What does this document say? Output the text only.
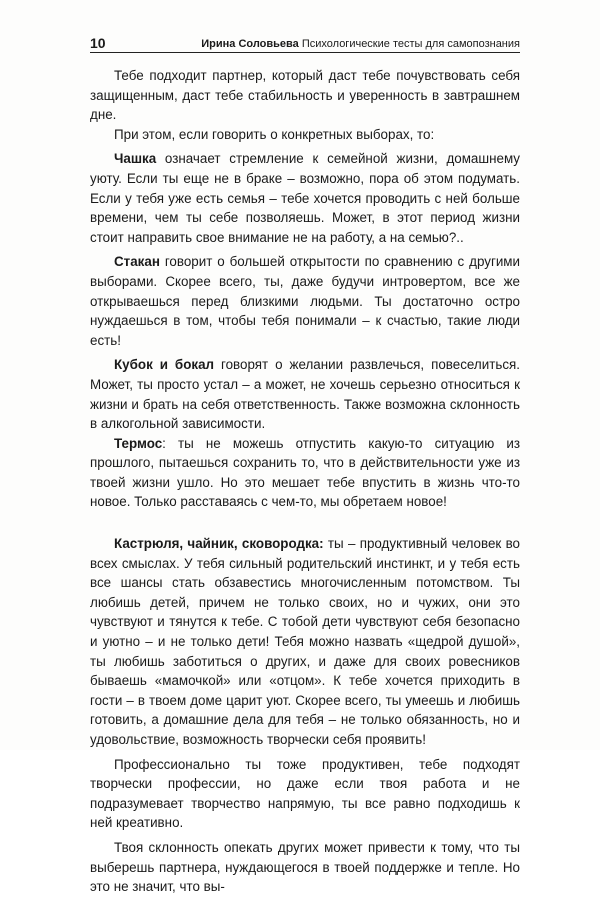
10	Ирина Соловьева Психологические тесты для самопознания

Тебе подходит партнер, который даст тебе почувствовать себя защищенным, даст тебе стабильность и уверенность в завтрашнем дне.

При этом, если говорить о конкретных выборах, то:

Чашка означает стремление к семейной жизни, домашнему уюту. Если ты еще не в браке – возможно, пора об этом подумать. Если у тебя уже есть семья – тебе хочется проводить с ней больше времени, чем ты себе позволяешь. Может, в этот период жизни стоит направить свое внимание не на работу, а на семью?..

Стакан говорит о большей открытости по сравнению с другими выборами. Скорее всего, ты, даже будучи интровертом, все же открываешься перед близкими людьми. Ты достаточно остро нуждаешься в том, чтобы тебя понимали – к счастью, такие люди есть!

Кубок и бокал говорят о желании развлечься, повеселиться. Может, ты просто устал – а может, не хочешь серьезно относиться к жизни и брать на себя ответственность. Также возможна склонность в алкогольной зависимости.

Термос: ты не можешь отпустить какую-то ситуацию из прошлого, пытаешься сохранить то, что в действительности уже из твоей жизни ушло. Но это мешает тебе впустить в жизнь что-то новое. Только расставаясь с чем-то, мы обретаем новое!

Кастрюля, чайник, сковородка: ты – продуктивный человек во всех смыслах. У тебя сильный родительский инстинкт, и у тебя есть все шансы стать обзавестись многочисленным потомством. Ты любишь детей, причем не только своих, но и чужих, они это чувствуют и тянутся к тебе. С тобой дети чувствуют себя безопасно и уютно – и не только дети! Тебя можно назвать «щедрой душой», ты любишь заботиться о других, и даже для своих ровесников бываешь «мамочкой» или «отцом». К тебе хочется приходить в гости – в твоем доме царит уют. Скорее всего, ты умеешь и любишь готовить, а домашние дела для тебя – не только обязанность, но и удовольствие, возможность творчески себя проявить!

Профессионально ты тоже продуктивен, тебе подходят творчески профессии, но даже если твоя работа и не подразумевает творчество напрямую, ты все равно подходишь к ней креативно.

Твоя склонность опекать других может привести к тому, что ты выберешь партнера, нуждающегося в твоей поддержке и тепле. Но это не значит, что вы-
